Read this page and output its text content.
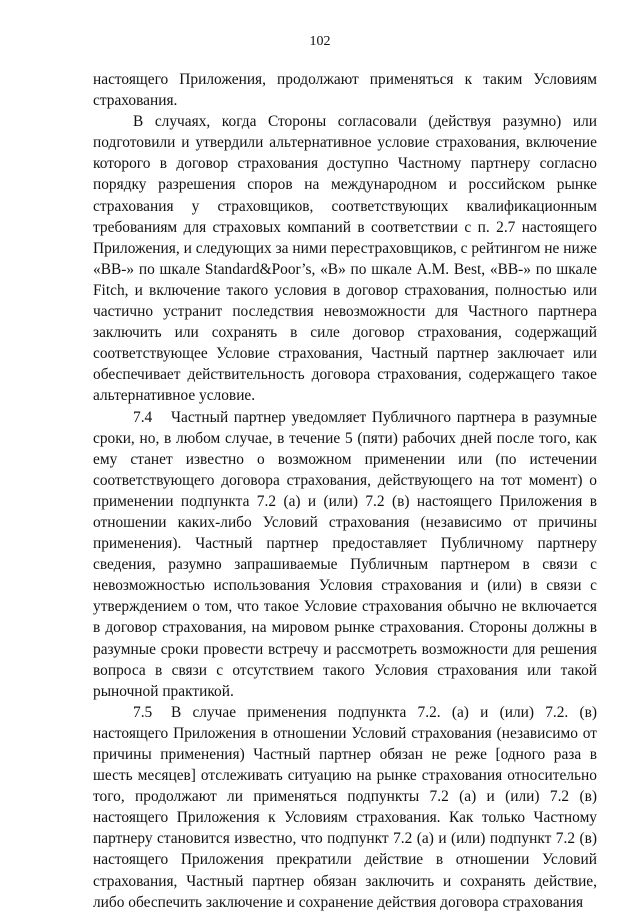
102

настоящего Приложения, продолжают применяться к таким Условиям страхования.

В случаях, когда Стороны согласовали (действуя разумно) или подготовили и утвердили альтернативное условие страхования, включение которого в договор страхования доступно Частному партнеру согласно порядку разрешения споров на международном и российском рынке страхования у страховщиков, соответствующих квалификационным требованиям для страховых компаний в соответствии с п. 2.7 настоящего Приложения, и следующих за ними перестраховщиков, с рейтингом не ниже «ВВ-» по шкале Standard&Poor’s, «В» по шкале A.M. Best, «ВВ-» по шкале Fitch, и включение такого условия в договор страхования, полностью или частично устранит последствия невозможности для Частного партнера заключить или сохранять в силе договор страхования, содержащий соответствующее Условие страхования, Частный партнер заключает или обеспечивает действительность договора страхования, содержащего такое альтернативное условие.

7.4 Частный партнер уведомляет Публичного партнера в разумные сроки, но, в любом случае, в течение 5 (пяти) рабочих дней после того, как ему станет известно о возможном применении или (по истечении соответствующего договора страхования, действующего на тот момент) о применении подпункта 7.2 (а) и (или) 7.2 (в) настоящего Приложения в отношении каких-либо Условий страхования (независимо от причины применения). Частный партнер предоставляет Публичному партнеру сведения, разумно запрашиваемые Публичным партнером в связи с невозможностью использования Условия страхования и (или) в связи с утверждением о том, что такое Условие страхования обычно не включается в договор страхования, на мировом рынке страхования. Стороны должны в разумные сроки провести встречу и рассмотреть возможности для решения вопроса в связи с отсутствием такого Условия страхования или такой рыночной практикой.

7.5 В случае применения подпункта 7.2. (а) и (или) 7.2. (в) настоящего Приложения в отношении Условий страхования (независимо от причины применения) Частный партнер обязан не реже [одного раза в шесть месяцев] отслеживать ситуацию на рынке страхования относительно того, продолжают ли применяться подпункты 7.2 (а) и (или) 7.2 (в) настоящего Приложения к Условиям страхования. Как только Частному партнеру становится известно, что подпункт 7.2 (а) и (или) подпункт 7.2 (в) настоящего Приложения прекратили действие в отношении Условий страхования, Частный партнер обязан заключить и сохранять действие, либо обеспечить заключение и сохранение действия договора страхования
